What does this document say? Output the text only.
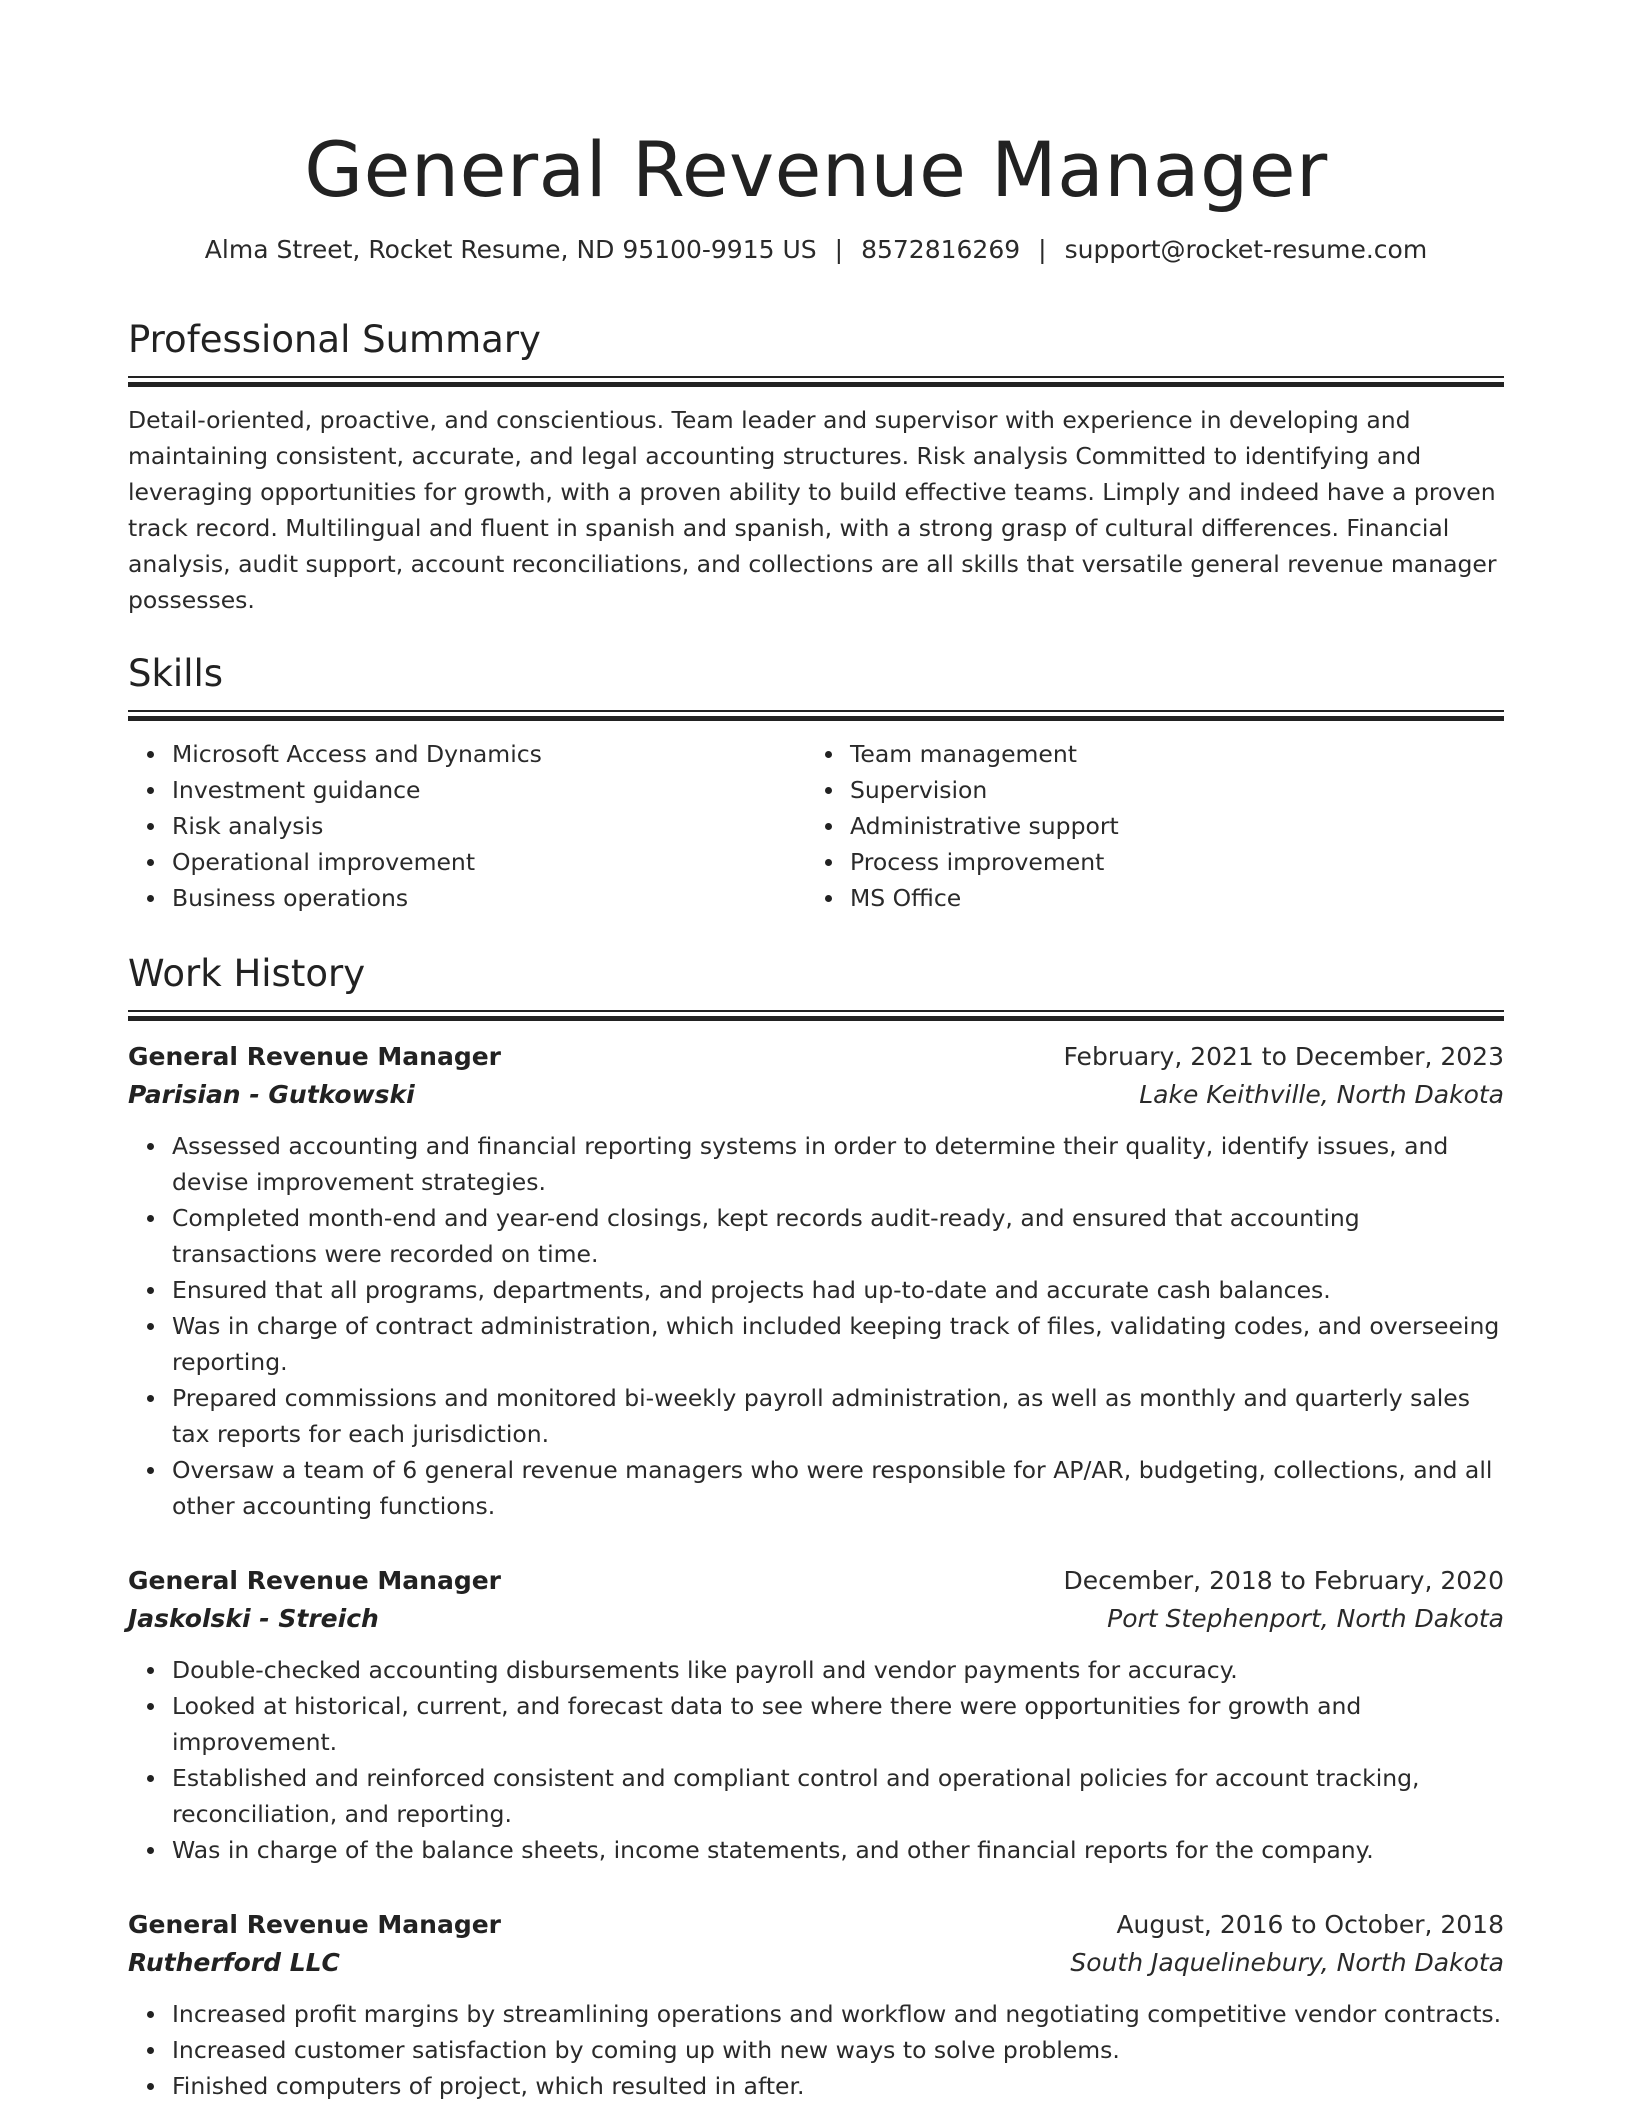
General Revenue Manager
Alma Street, Rocket Resume, ND 95100-9915 US | 8572816269 | support@rocket-resume.com
Professional Summary

Detail-oriented, proactive, and conscientious. Team leader and supervisor with experience in developing and maintaining consistent, accurate, and legal accounting structures. Risk analysis Committed to identifying and leveraging opportunities for growth, with a proven ability to build effective teams. Limply and indeed have a proven track record. Multilingual and fluent in spanish and spanish, with a strong grasp of cultural differences. Financial analysis, audit support, account reconciliations, and collections are all skills that versatile general revenue manager possesses.

Skills
Microsoft Access and Dynamics
Investment guidance
Risk analysis
Operational improvement
Business operations
Team management
Supervision
Administrative support
Process improvement
MS Office
Work History
General Revenue Manager	February, 2021 to December, 2023
Parisian - Gutkowski	Lake Keithville, North Dakota
Assessed accounting and financial reporting systems in order to determine their quality, identify issues, and devise improvement strategies.
Completed month-end and year-end closings, kept records audit-ready, and ensured that accounting transactions were recorded on time.
Ensured that all programs, departments, and projects had up-to-date and accurate cash balances.
Was in charge of contract administration, which included keeping track of files, validating codes, and overseeing reporting.
Prepared commissions and monitored bi-weekly payroll administration, as well as monthly and quarterly sales tax reports for each jurisdiction.
Oversaw a team of 6 general revenue managers who were responsible for AP/AR, budgeting, collections, and all other accounting functions.
General Revenue Manager	December, 2018 to February, 2020
Jaskolski - Streich	Port Stephenport, North Dakota
Double-checked accounting disbursements like payroll and vendor payments for accuracy.
Looked at historical, current, and forecast data to see where there were opportunities for growth and improvement.
Established and reinforced consistent and compliant control and operational policies for account tracking, reconciliation, and reporting.
Was in charge of the balance sheets, income statements, and other financial reports for the company.
General Revenue Manager	August, 2016 to October, 2018
Rutherford LLC	South Jaquelinebury, North Dakota
Increased profit margins by streamlining operations and workflow and negotiating competitive vendor contracts.
Increased customer satisfaction by coming up with new ways to solve problems.
Finished computers of project, which resulted in after.
